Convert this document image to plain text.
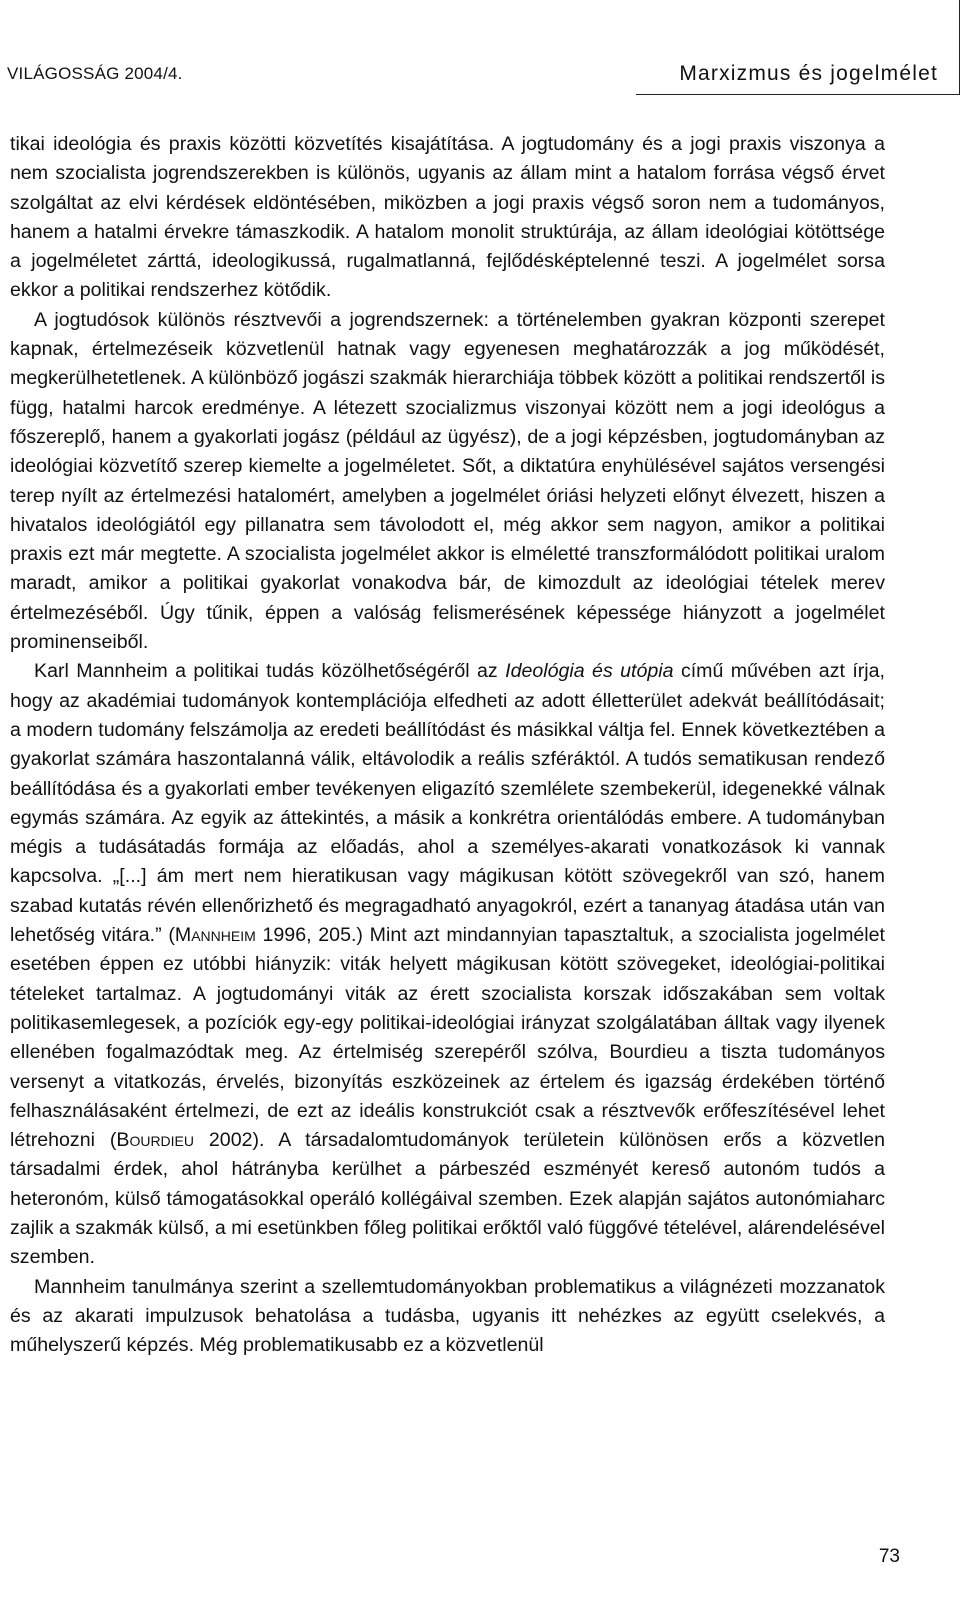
VILÁGOSSÁG 2004/4.	Marxizmus és jogelmélet

tikai ideológia és praxis közötti közvetítés kisajátítása. A jogtudomány és a jogi praxis viszonya a nem szocialista jogrendszerekben is különös, ugyanis az állam mint a hatalom forrása végső érvet szolgáltat az elvi kérdések eldöntésében, miközben a jogi praxis végső soron nem a tudományos, hanem a hatalmi érvekre támaszkodik. A hatalom monolit struktúrája, az állam ideológiai kötöttsége a jogelméletet zárttá, ideologikussá, rugalmatlanná, fejlődésképtelenné teszi. A jogelmélet sorsa ekkor a politikai rendszerhez kötődik.

A jogtudósok különös résztvevői a jogrendszernek: a történelemben gyakran központi szerepet kapnak, értelmezéseik közvetlenül hatnak vagy egyenesen meghatározzák a jog működését, megkerülhetetlenek. A különböző jogászi szakmák hierarchiája többek között a politikai rendszertől is függ, hatalmi harcok eredménye. A létezett szocializmus viszonyai között nem a jogi ideológus a főszereplő, hanem a gyakorlati jogász (például az ügyész), de a jogi képzésben, jogtudományban az ideológiai közvetítő szerep kiemelte a jogelméletet. Sőt, a diktatúra enyhülésével sajátos versengési terep nyílt az értelmezési hatalomért, amelyben a jogelmélet óriási helyzeti előnyt élvezett, hiszen a hivatalos ideológiától egy pillanatra sem távolodott el, még akkor sem nagyon, amikor a politikai praxis ezt már megtette. A szocialista jogelmélet akkor is elméletté transzformálódott politikai uralom maradt, amikor a politikai gyakorlat vonakodva bár, de kimozdult az ideológiai tételek merev értelmezéséből. Úgy tűnik, éppen a valóság felismerésének képessége hiányzott a jogelmélet prominenseiből.

Karl Mannheim a politikai tudás közölhetőségéről az Ideológia és utópia című művében azt írja, hogy az akadémiai tudományok kontemplációja elfedheti az adott élletterület adekvát beállítódásait; a modern tudomány felszámolja az eredeti beállítódást és másikkal váltja fel. Ennek következtében a gyakorlat számára haszontalanná válik, eltávolodik a reális szféráktól. A tudós sematikusan rendező beállítódása és a gyakorlati ember tevékenyen eligazító szemlélete szembekerül, idegenekké válnak egymás számára. Az egyik az áttekintés, a másik a konkrétra orientálódás embere. A tudományban mégis a tudásátadás formája az előadás, ahol a személyes-akarati vonatkozások ki vannak kapcsolva. „[...] ám mert nem hieratikusan vagy mágikusan kötött szövegekről van szó, hanem szabad kutatás révén ellenőrizhető és megragadható anyagokról, ezért a tananyag átadása után van lehetőség vitára.” (Mannheim 1996, 205.) Mint azt mindannyian tapasztaltuk, a szocialista jogelmélet esetében éppen ez utóbbi hiányzik: viták helyett mágikusan kötött szövegeket, ideológiai-politikai tételeket tartalmaz. A jogtudományi viták az érett szocialista korszak időszakában sem voltak politikasemlegesek, a pozíciók egy-egy politikai-ideológiai irányzat szolgálatában álltak vagy ilyenek ellenében fogalmazódtak meg. Az értelmiség szerepéről szólva, Bourdieu a tiszta tudományos versenyt a vitatkozás, érvelés, bizonyítás eszközeinek az értelem és igazság érdekében történő felhasználásaként értelmezi, de ezt az ideális konstrukciót csak a résztvevők erőfeszítésével lehet létrehozni (Bourdieu 2002). A társadalomtudományok területein különösen erős a közvetlen társadalmi érdek, ahol hátrányba kerülhet a párbeszéd eszményét kereső autonóm tudós a heteronóm, külső támogatásokkal operáló kollégáival szemben. Ezek alapján sajátos autonómiaharc zajlik a szakmák külső, a mi esetünkben főleg politikai erőktől való függővé tételével, alárendelésével szemben.

Mannheim tanulmánya szerint a szellemtudományokban problematikus a világnézeti mozzanatok és az akarati impulzusok behatolása a tudásba, ugyanis itt nehézkes az együtt cselekvés, a műhelyszerű képzés. Még problematikusabb ez a közvetlenül

73
